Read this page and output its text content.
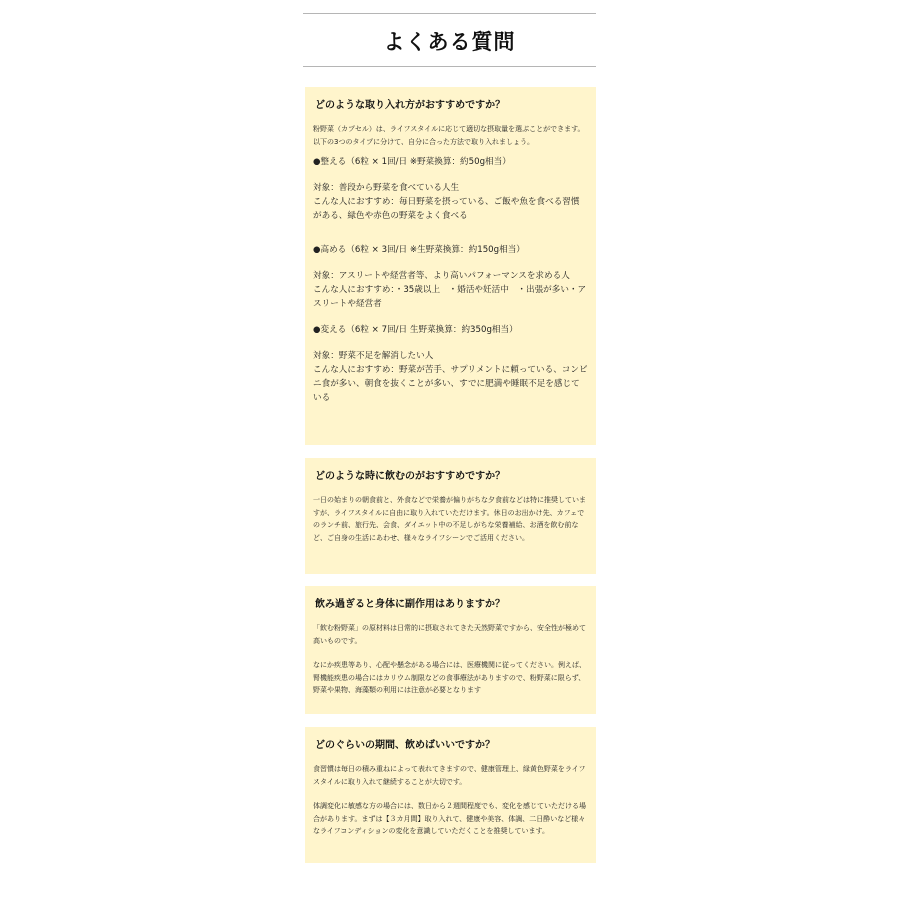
よくある質問
どのような取り入れ方がおすすめですか？

粉野菜（カプセル）は、ライフスタイルに応じて適切な摂取量を選ぶことができます。以下の3つのタイプに分けて、自分に合った方法で取り入れましょう。

●整える（6粒 × 1回/日 ※野菜換算：約50g相当）

対象：普段から野菜を食べている人生

こんな人におすすめ：毎日野菜を摂っている、ご飯や魚を食べる習慣がある、緑色や赤色の野菜をよく食べる

●高める（6粒 × 3回/日 ※生野菜換算：約150g相当）

対象：アスリートや経営者等、より高いパフォーマンスを求める人

こんな人におすすめ：・35歳以上　・婚活や妊活中　・出張が多い・アスリートや経営者

●変える（6粒 × 7回/日 生野菜換算：約350g相当）

対象：野菜不足を解消したい人

こんな人におすすめ：野菜が苦手、サプリメントに頼っている、コンビニ食が多い、朝食を抜くことが多い、すでに肥満や睡眠不足を感じている

どのような時に飲むのがおすすめですか？

一日の始まりの朝食前と、外食などで栄養が偏りがちな夕食前などは特に推奨していますが、ライフスタイルに自由に取り入れていただけます。休日のお出かけ先、カフェでのランチ前、旅行先、会食、ダイエット中の不足しがちな栄養補給、お酒を飲む前など、ご自身の生活にあわせ、様々なライフシーンでご活用ください。

飲み過ぎると身体に副作用はありますか？

「飲む粉野菜」の原材料は日常的に摂取されてきた天然野菜ですから、安全性が極めて高いものです。

なにか疾患等あり、心配や懸念がある場合には、医療機関に従ってください。例えば、腎機能疾患の場合にはカリウム制限などの食事療法がありますので、粉野菜に限らず、野菜や果物、海藻類の利用には注意が必要となります

どのぐらいの期間、飲めばいいですか？

食習慣は毎日の積み重ねによって表れてきますので、健康管理上、緑黄色野菜をライフスタイルに取り入れて継続することが大切です。

体調変化に敏感な方の場合には、数日から２週間程度でも、変化を感じていただける場合があります。まずは【３カ月間】取り入れて、健康や美容、体調、二日酔いなど様々なライフコンディションの変化を意識していただくことを推奨しています。
